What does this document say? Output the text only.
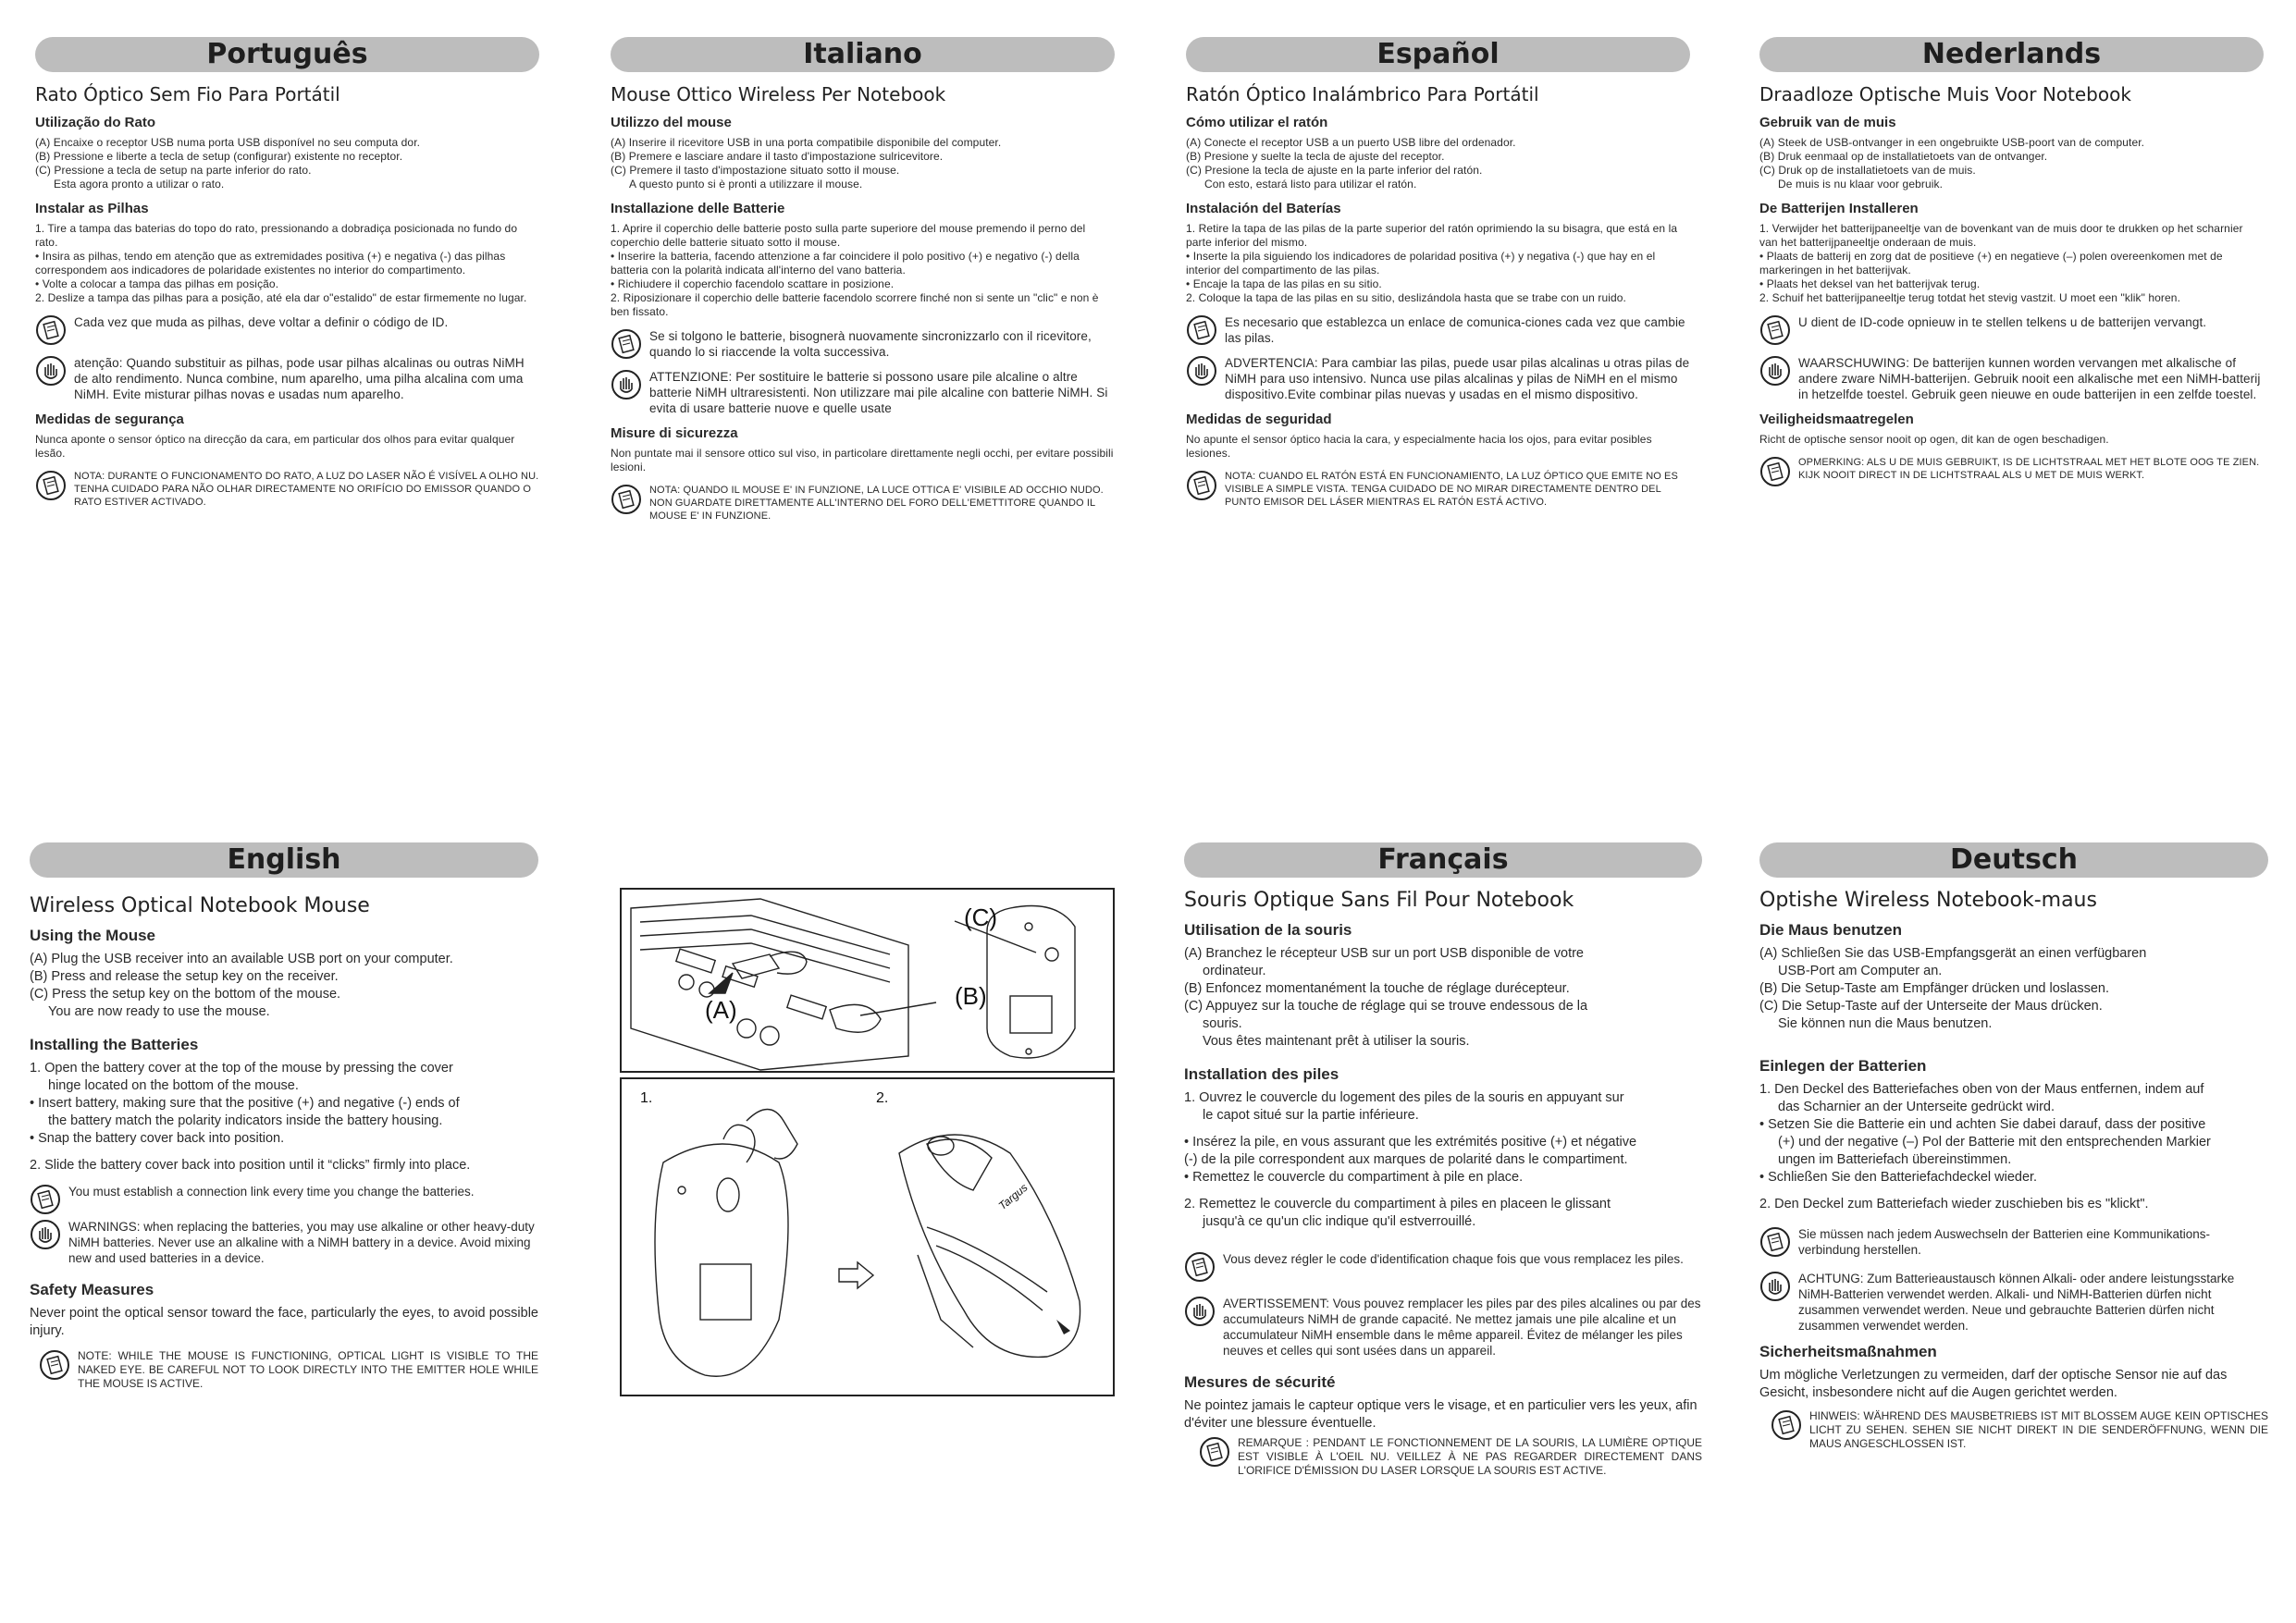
Português
Rato Óptico Sem Fio Para Portátil
Utilização do Rato
(A) Encaixe o receptor USB numa porta USB disponível no seu computa dor.
(B) Pressione e liberte a tecla de setup (configurar) existente no receptor.
(C) Pressione a tecla de setup na parte inferior do rato.
Esta agora pronto a utilizar o rato.
Instalar as Pilhas
1. Tire a tampa das baterias do topo do rato, pressionando a dobradiça posicionada no fundo do rato.
• Insira as pilhas, tendo em atenção que as extremidades positiva (+) e negativa (-) das pilhas correspondem aos indicadores de polaridade existentes no interior do compartimento.
• Volte a colocar a tampa das pilhas em posição.
2. Deslize a tampa das pilhas para a posição, até ela dar o"estalido" de estar firmemente no lugar.
Cada vez que muda as pilhas, deve voltar a definir o código de ID.
atenção: Quando substituir as pilhas, pode usar pilhas alcalinas ou outras NiMH de alto rendimento. Nunca combine, num aparelho, uma pilha alcalina com uma NiMH. Evite misturar pilhas novas e usadas num aparelho.
Medidas de segurança
Nunca aponte o sensor óptico na direcção da cara, em particular dos olhos para evitar qualquer lesão.
NOTA: DURANTE O FUNCIONAMENTO DO RATO, A LUZ DO LASER NÃO É VISÍVEL A OLHO NU. TENHA CUIDADO PARA NÃO OLHAR DIRECTAMENTE NO ORIFÍCIO DO EMISSOR QUANDO O RATO ESTIVER ACTIVADO.
Italiano
Mouse Ottico Wireless Per Notebook
Utilizzo del mouse
(A) Inserire il ricevitore USB in una porta compatibile disponibile del computer.
(B) Premere e lasciare andare il tasto d'impostazione sulricevitore.
(C) Premere il tasto d'impostazione situato sotto il mouse.
A questo punto si è pronti a utilizzare il mouse.
Installazione delle Batterie
1. Aprire il coperchio delle batterie posto sulla parte superiore del mouse premendo il perno del coperchio delle batterie situato sotto il mouse.
• Inserire la batteria, facendo attenzione a far coincidere il polo positivo (+) e negativo (-) della batteria con la polarità indicata all'interno del vano batteria.
• Richiudere il coperchio facendolo scattare in posizione.
2. Riposizionare il coperchio delle batterie facendolo scorrere finché non si sente un "clic" e non è ben fissato.
Se si tolgono le batterie, bisognerà nuovamente sincronizzarlo con il ricevitore, quando lo si riaccende la volta successiva.
ATTENZIONE: Per sostituire le batterie si possono usare pile alcaline o altre batterie NiMH ultraresistenti. Non utilizzare mai pile alcaline con batterie NiMH. Si evita di usare batterie nuove e quelle usate
Misure di sicurezza
Non puntate mai il sensore ottico sul viso, in particolare direttamente negli occhi, per evitare possibili lesioni.
NOTA: QUANDO IL MOUSE E' IN FUNZIONE, LA LUCE OTTICA E' VISIBILE AD OCCHIO NUDO. NON GUARDATE DIRETTAMENTE ALL'INTERNO DEL FORO DELL'EMETTITORE QUANDO IL MOUSE E' IN FUNZIONE.
Español
Ratón Óptico Inalámbrico Para Portátil
Cómo utilizar el ratón
(A) Conecte el receptor USB a un puerto USB libre del ordenador.
(B) Presione y suelte la tecla de ajuste del receptor.
(C) Presione la tecla de ajuste en la parte inferior del ratón.
Con esto, estará listo para utilizar el ratón.
Instalación del Baterías
1. Retire la tapa de las pilas de la parte superior del ratón oprimiendo la su bisagra, que está en la parte inferior del mismo.
• Inserte la pila siguiendo los indicadores de polaridad positiva (+) y negativa (-) que hay en el interior del compartimento de las pilas.
• Encaje la tapa de las pilas en su sitio.
2. Coloque la tapa de las pilas en su sitio, deslizándola hasta que se trabe con un ruido.
Es necesario que establezca un enlace de comunica-ciones cada vez que cambie las pilas.
ADVERTENCIA: Para cambiar las pilas, puede usar pilas alcalinas u otras pilas de NiMH para uso intensivo. Nunca use pilas alcalinas y pilas de NiMH en el mismo dispositivo.Evite combinar pilas nuevas y usadas en el mismo dispositivo.
Medidas de seguridad
No apunte el sensor óptico hacia la cara, y especialmente hacia los ojos, para evitar posibles lesiones.
NOTA: CUANDO EL RATÓN ESTÁ EN FUNCIONAMIENTO, LA LUZ ÓPTICO QUE EMITE NO ES VISIBLE A SIMPLE VISTA. TENGA CUIDADO DE NO MIRAR DIRECTAMENTE DENTRO DEL PUNTO EMISOR DEL LÁSER MIENTRAS EL RATÓN ESTÁ ACTIVO.
Nederlands
Draadloze Optische Muis Voor Notebook
Gebruik van de muis
(A) Steek de USB-ontvanger in een ongebruikte USB-poort van de computer.
(B) Druk eenmaal op de installatietoets van de ontvanger.
(C) Druk op de installatietoets van de muis.
De muis is nu klaar voor gebruik.
De Batterijen Installeren
1. Verwijder het batterijpaneeltje van de bovenkant van de muis door te drukken op het scharnier van het batterijpaneeltje onderaan de muis.
• Plaats de batterij en zorg dat de positieve (+) en negatieve (–) polen overeenkomen met de markeringen in het batterijvak.
• Plaats het deksel van het batterijvak terug.
2. Schuif het batterijpaneeltje terug totdat het stevig vastzit. U moet een "klik" horen.
U dient de ID-code opnieuw in te stellen telkens u de batterijen vervangt.
WAARSCHUWING: De batterijen kunnen worden vervangen met alkalische of andere zware NiMH-batterijen. Gebruik nooit een alkalische met een NiMH-batterij in hetzelfde toestel. Gebruik geen nieuwe en oude batterijen in een zelfde toestel.
Veiligheidsmaatregelen
Richt de optische sensor nooit op ogen, dit kan de ogen beschadigen.
OPMERKING: ALS U DE MUIS GEBRUIKT, IS DE LICHTSTRAAL MET HET BLOTE OOG TE ZIEN. KIJK NOOIT DIRECT IN DE LICHTSTRAAL ALS U MET DE MUIS WERKT.
English
Wireless Optical Notebook Mouse
Using the Mouse
(A) Plug the USB receiver into an available USB port on your computer.
(B) Press and release the setup key on the receiver.
(C) Press the setup key on the bottom of the mouse.
You are now ready to use the mouse.
Installing the Batteries
1. Open the battery cover at the top of the mouse by pressing the cover
hinge located on the bottom of the mouse.
• Insert battery, making sure that the positive (+) and negative (-) ends of
the battery match the polarity indicators inside the battery housing.
• Snap the battery cover back into position.
2. Slide the battery cover back into position until it “clicks” firmly into place.
You must establish a connection link every time you change the batteries.
WARNINGS: when replacing the batteries, you may use alkaline or other heavy-duty NiMH batteries. Never use an alkaline with a NiMH battery in a device. Avoid mixing new and used batteries in a device.
Safety Measures
Never point the optical sensor toward the face, particularly the eyes, to avoid possible injury.
NOTE: WHILE THE MOUSE IS FUNCTIONING, OPTICAL LIGHT IS VISIBLE TO THE NAKED EYE. BE CAREFUL NOT TO LOOK DIRECTLY INTO THE EMITTER HOLE WHILE THE MOUSE IS ACTIVE.
(A)	(B)
(C)
1.	2.
Targus
Français
Souris Optique Sans Fil Pour Notebook
Utilisation de la souris
(A) Branchez le récepteur USB sur un port USB disponible de votre
ordinateur.
(B) Enfoncez momentanément la touche de réglage durécepteur.
(C) Appuyez sur la touche de réglage qui se trouve endessous de la
souris.
Vous êtes maintenant prêt à utiliser la souris.
Installation des piles
1. Ouvrez le couvercle du logement des piles de la souris en appuyant sur
le capot situé sur la partie inférieure.
• Insérez la pile, en vous assurant que les extrémités positive (+) et négative
(-) de la pile correspondent aux marques de polarité dans le compartiment.
• Remettez le couvercle du compartiment à pile en place.
2. Remettez le couvercle du compartiment à piles en placeen le glissant
jusqu'à ce qu'un clic indique qu'il estverrouillé.
Vous devez régler le code d'identification chaque fois que vous remplacez les piles.
AVERTISSEMENT: Vous pouvez remplacer les piles par des piles alcalines ou par des accumulateurs NiMH de grande capacité. Ne mettez jamais une pile alcaline et un accumulateur NiMH ensemble dans le même appareil. Évitez de mélanger les piles neuves et celles qui sont usées dans un appareil.
Mesures de sécurité
Ne pointez jamais le capteur optique vers le visage, et en particulier vers les yeux, afin d'éviter une blessure éventuelle.
REMARQUE : PENDANT LE FONCTIONNEMENT DE LA SOURIS, LA LUMIÈRE OPTIQUE EST VISIBLE À L'OEIL NU. VEILLEZ À NE PAS REGARDER DIRECTEMENT DANS L'ORIFICE D'ÉMISSION DU LASER LORSQUE LA SOURIS EST ACTIVE.
Deutsch
Optishe Wireless Notebook-maus
Die Maus benutzen
(A) Schließen Sie das USB-Empfangsgerät an einen verfügbaren
USB-Port am Computer an.
(B) Die Setup-Taste am Empfänger drücken und loslassen.
(C) Die Setup-Taste auf der Unterseite der Maus drücken.
Sie können nun die Maus benutzen.
Einlegen der Batterien
1. Den Deckel des Batteriefaches oben von der Maus entfernen, indem auf
das Scharnier an der Unterseite gedrückt wird.
• Setzen Sie die Batterie ein und achten Sie dabei darauf, dass der positive
(+) und der negative (–) Pol der Batterie mit den entsprechenden Markier
ungen im Batteriefach übereinstimmen.
• Schließen Sie den Batteriefachdeckel wieder.
2. Den Deckel zum Batteriefach wieder zuschieben bis es "klickt".
Sie müssen nach jedem Auswechseln der Batterien eine Kommunikations-verbindung herstellen.
ACHTUNG: Zum Batterieaustausch können Alkali- oder andere leistungsstarke NiMH-Batterien verwendet werden. Alkali- und NiMH-Batterien dürfen nicht zusammen verwendet werden. Neue und gebrauchte Batterien dürfen nicht zusammen verwendet werden.
Sicherheitsmaßnahmen
Um mögliche Verletzungen zu vermeiden, darf der optische Sensor nie auf das Gesicht, insbesondere nicht auf die Augen gerichtet werden.
HINWEIS: WÄHREND DES MAUSBETRIEBS IST MIT BLOSSEM AUGE KEIN OPTISCHES LICHT ZU SEHEN. SEHEN SIE NICHT DIREKT IN DIE SENDERÖFFNUNG, WENN DIE MAUS ANGESCHLOSSEN IST.
